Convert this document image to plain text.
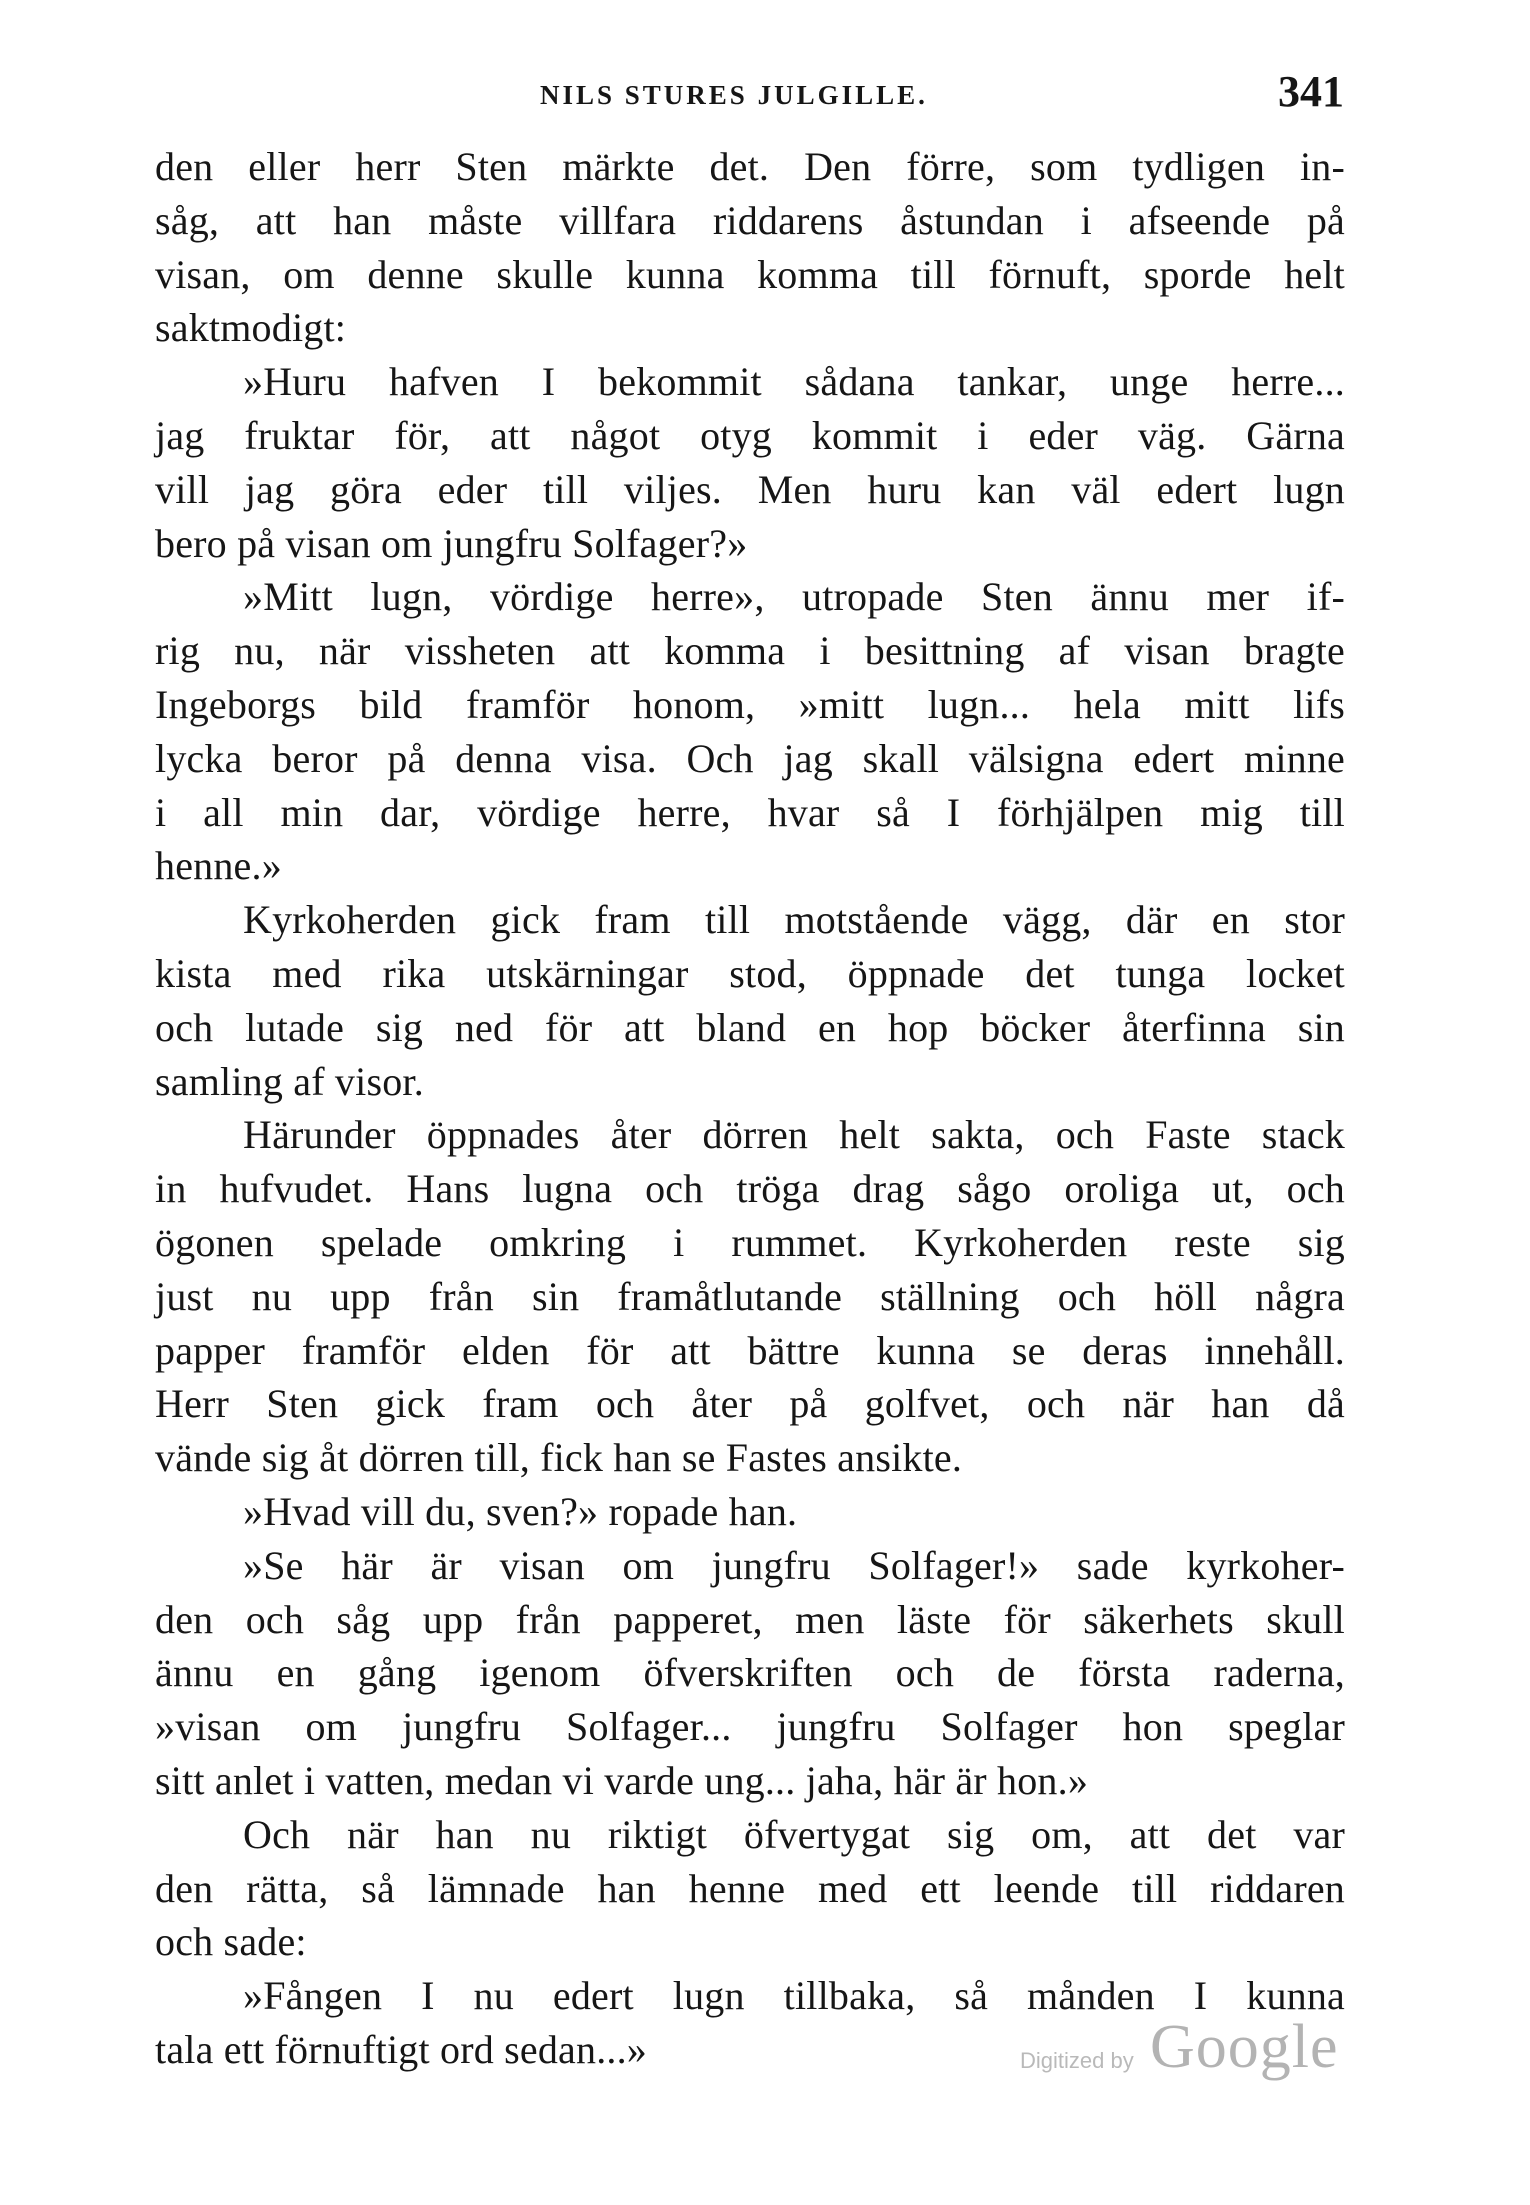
NILS STURES JULGILLE.	341
den eller herr Sten märkte det. Den förre, som tydligen in-
såg, att han måste villfara riddarens åstundan i afseende på
visan, om denne skulle kunna komma till förnuft, sporde helt
saktmodigt:
»Huru hafven I bekommit sådana tankar, unge herre...
jag fruktar för, att något otyg kommit i eder väg. Gärna
vill jag göra eder till viljes. Men huru kan väl edert lugn
bero på visan om jungfru Solfager?»
»Mitt lugn, vördige herre», utropade Sten ännu mer if-
rig nu, när vissheten att komma i besittning af visan bragte
Ingeborgs bild framför honom, »mitt lugn... hela mitt lifs
lycka beror på denna visa. Och jag skall välsigna edert minne
i all min dar, vördige herre, hvar så I förhjälpen mig till
henne.»
Kyrkoherden gick fram till motstående vägg, där en stor
kista med rika utskärningar stod, öppnade det tunga locket
och lutade sig ned för att bland en hop böcker återfinna sin
samling af visor.
Härunder öppnades åter dörren helt sakta, och Faste stack
in hufvudet. Hans lugna och tröga drag sågo oroliga ut, och
ögonen spelade omkring i rummet. Kyrkoherden reste sig
just nu upp från sin framåtlutande ställning och höll några
papper framför elden för att bättre kunna se deras innehåll.
Herr Sten gick fram och åter på golfvet, och när han då
vände sig åt dörren till, fick han se Fastes ansikte.
»Hvad vill du, sven?» ropade han.
»Se här är visan om jungfru Solfager!» sade kyrkoher-
den och såg upp från papperet, men läste för säkerhets skull
ännu en gång igenom öfverskriften och de första raderna,
»visan om jungfru Solfager... jungfru Solfager hon speglar
sitt anlet i vatten, medan vi varde ung... jaha, här är hon.»
Och när han nu riktigt öfvertygat sig om, att det var
den rätta, så lämnade han henne med ett leende till riddaren
och sade:
»Fången I nu edert lugn tillbaka, så månden I kunna
tala ett förnuftigt ord sedan...»	Digitized by Google
